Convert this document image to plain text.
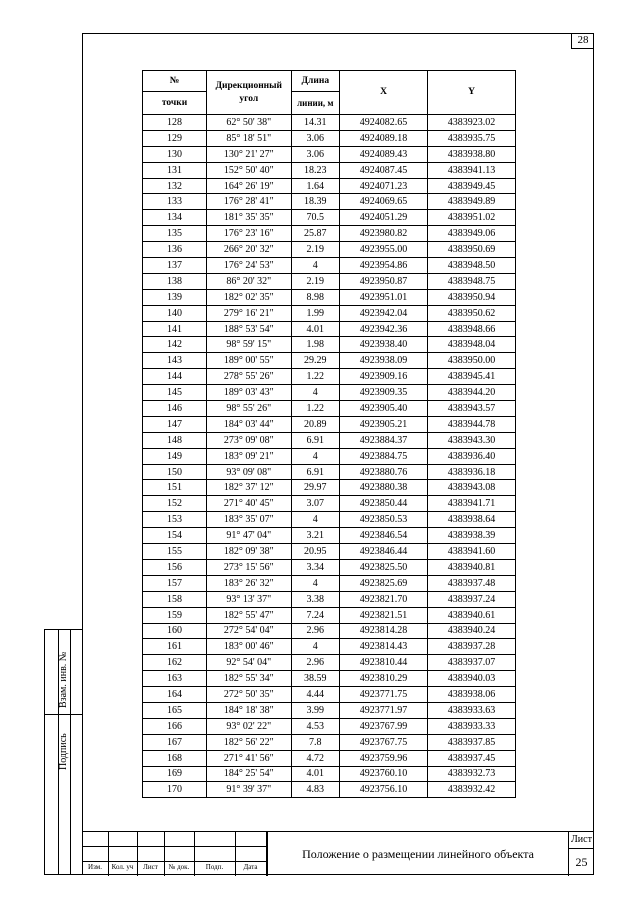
28
Взам. инв. №
Подпись
№	Дирекционный угол	Длина	X	Y
точки		линии, м		
128	62° 50' 38"	14.31	4924082.65	4383923.02
129	85° 18' 51"	3.06	4924089.18	4383935.75
130	130° 21' 27"	3.06	4924089.43	4383938.80
131	152° 50' 40"	18.23	4924087.45	4383941.13
132	164° 26' 19"	1.64	4924071.23	4383949.45
133	176° 28' 41"	18.39	4924069.65	4383949.89
134	181° 35' 35"	70.5	4924051.29	4383951.02
135	176° 23' 16"	25.87	4923980.82	4383949.06
136	266° 20' 32"	2.19	4923955.00	4383950.69
137	176° 24' 53"	4	4923954.86	4383948.50
138	86° 20' 32"	2.19	4923950.87	4383948.75
139	182° 02' 35"	8.98	4923951.01	4383950.94
140	279° 16' 21"	1.99	4923942.04	4383950.62
141	188° 53' 54"	4.01	4923942.36	4383948.66
142	98° 59' 15"	1.98	4923938.40	4383948.04
143	189° 00' 55"	29.29	4923938.09	4383950.00
144	278° 55' 26"	1.22	4923909.16	4383945.41
145	189° 03' 43"	4	4923909.35	4383944.20
146	98° 55' 26"	1.22	4923905.40	4383943.57
147	184° 03' 44"	20.89	4923905.21	4383944.78
148	273° 09' 08"	6.91	4923884.37	4383943.30
149	183° 09' 21"	4	4923884.75	4383936.40
150	93° 09' 08"	6.91	4923880.76	4383936.18
151	182° 37' 12"	29.97	4923880.38	4383943.08
152	271° 40' 45"	3.07	4923850.44	4383941.71
153	183° 35' 07"	4	4923850.53	4383938.64
154	91° 47' 04"	3.21	4923846.54	4383938.39
155	182° 09' 38"	20.95	4923846.44	4383941.60
156	273° 15' 56"	3.34	4923825.50	4383940.81
157	183° 26' 32"	4	4923825.69	4383937.48
158	93° 13' 37"	3.38	4923821.70	4383937.24
159	182° 55' 47"	7.24	4923821.51	4383940.61
160	272° 54' 04"	2.96	4923814.28	4383940.24
161	183° 00' 46"	4	4923814.43	4383937.28
162	92° 54' 04"	2.96	4923810.44	4383937.07
163	182° 55' 34"	38.59	4923810.29	4383940.03
164	272° 50' 35"	4.44	4923771.75	4383938.06
165	184° 18' 38"	3.99	4923771.97	4383933.63
166	93° 02' 22"	4.53	4923767.99	4383933.33
167	182° 56' 22"	7.8	4923767.75	4383937.85
168	271° 41' 56"	4.72	4923759.96	4383937.45
169	184° 25' 54"	4.01	4923760.10	4383932.73
170	91° 39' 37"	4.83	4923756.10	4383932.42
Изм.	Кол. уч	Лист	№ док.	Подп.	Дата
Положение о размещении линейного объекта
Лист
25
